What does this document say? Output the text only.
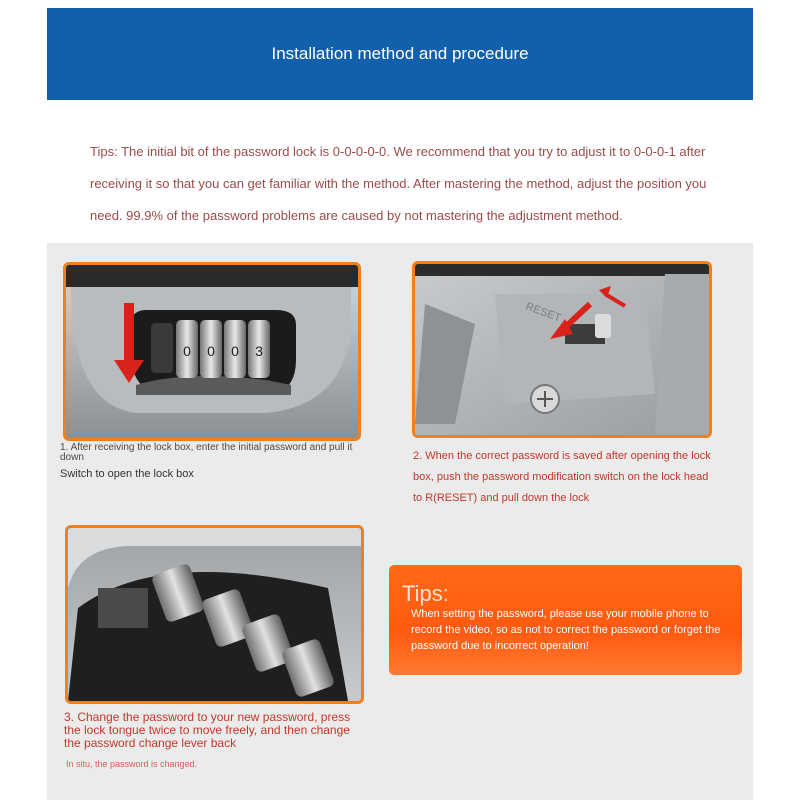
Installation method and procedure
Tips: The initial bit of the password lock is 0-0-0-0-0. We recommend that you try to adjust it to 0-0-0-1 after receiving it so that you can get familiar with the method. After mastering the method, adjust the position you need. 99.9% of the password problems are caused by not mastering the adjustment method.
0 0 0 3
1. After receiving the lock box, enter the initial password and pull it down
Switch to open the lock box
RESET
2. When the correct password is saved after opening the lock box, push the password modification switch on the lock head to R(RESET) and pull down the lock
3. Change the password to your new password, press the lock tongue twice to move freely, and then change the password change lever back
In situ, the password is changed.
Tips:
When setting the password, please use your mobile phone to record the video, so as not to correct the password or forget the password due to incorrect operation!
